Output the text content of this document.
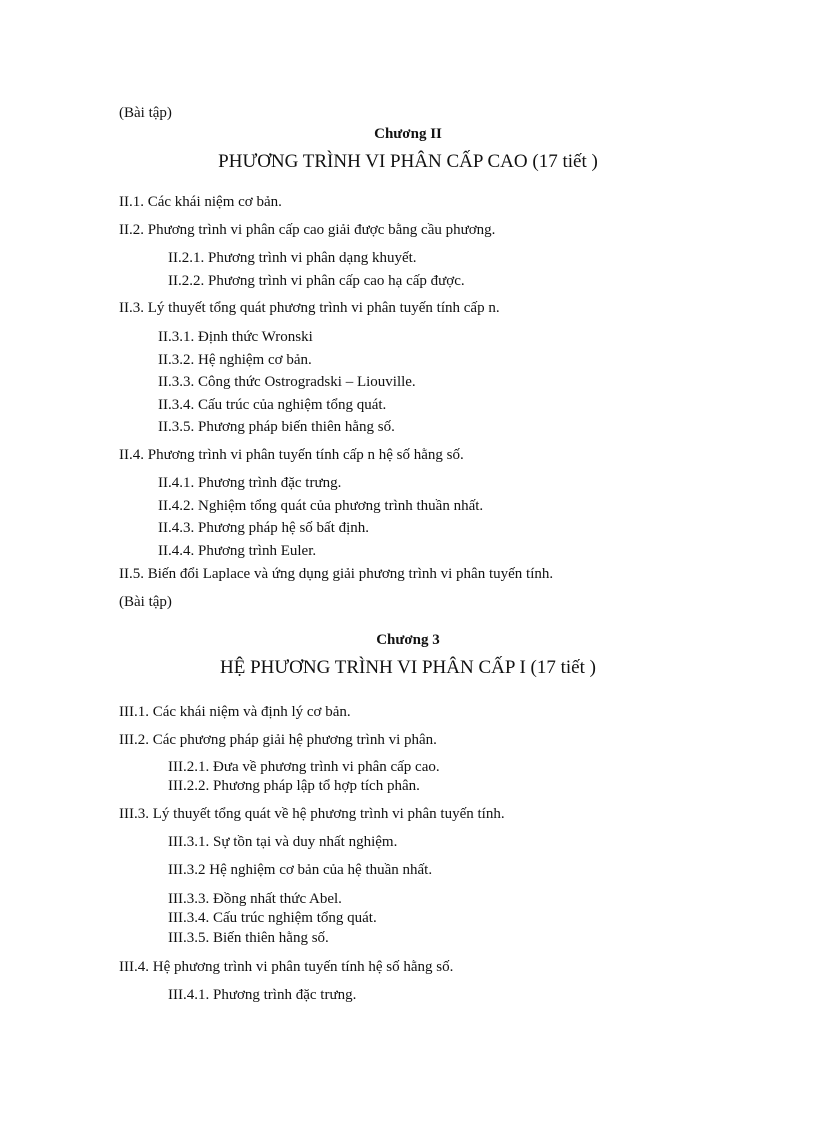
(Bài tập)
Chương II
PHƯƠNG TRÌNH VI PHÂN CẤP CAO (17 tiết )
II.1. Các khái niệm cơ bản.
II.2. Phương trình vi phân cấp cao giải được bằng cầu phương.
II.2.1. Phương trình vi phân dạng khuyết.
II.2.2. Phương trình vi phân cấp cao hạ cấp được.
II.3. Lý thuyết tổng quát phương trình vi phân tuyến tính cấp n.
II.3.1. Định thức Wronski
II.3.2. Hệ nghiệm cơ bản.
II.3.3. Công thức Ostrogradski – Liouville.
II.3.4. Cấu trúc của nghiệm tổng quát.
II.3.5. Phương pháp biến thiên hằng số.
II.4. Phương trình vi phân tuyến tính cấp n hệ số hằng số.
II.4.1. Phương trình đặc trưng.
II.4.2. Nghiệm tổng quát của phương trình thuần nhất.
II.4.3. Phương pháp hệ số bất định.
II.4.4. Phương trình Euler.
II.5. Biến đổi Laplace và ứng dụng giải phương trình vi phân tuyến tính.
(Bài tập)
Chương 3
HỆ PHƯƠNG TRÌNH VI PHÂN CẤP I (17 tiết )
III.1. Các khái niệm và định lý cơ bản.
III.2. Các phương pháp giải hệ phương trình vi phân.
III.2.1. Đưa về phương trình vi phân cấp cao.
III.2.2. Phương pháp lập tổ hợp tích phân.
III.3. Lý thuyết tổng quát về hệ phương trình vi phân tuyến tính.
III.3.1. Sự tồn tại và duy nhất nghiệm.
III.3.2 Hệ nghiệm cơ bản của hệ thuần nhất.
III.3.3. Đồng nhất thức Abel.
III.3.4. Cấu trúc nghiệm tổng quát.
III.3.5. Biến thiên hằng số.
III.4. Hệ phương trình vi phân tuyến tính hệ số hằng số.
III.4.1. Phương trình đặc trưng.
